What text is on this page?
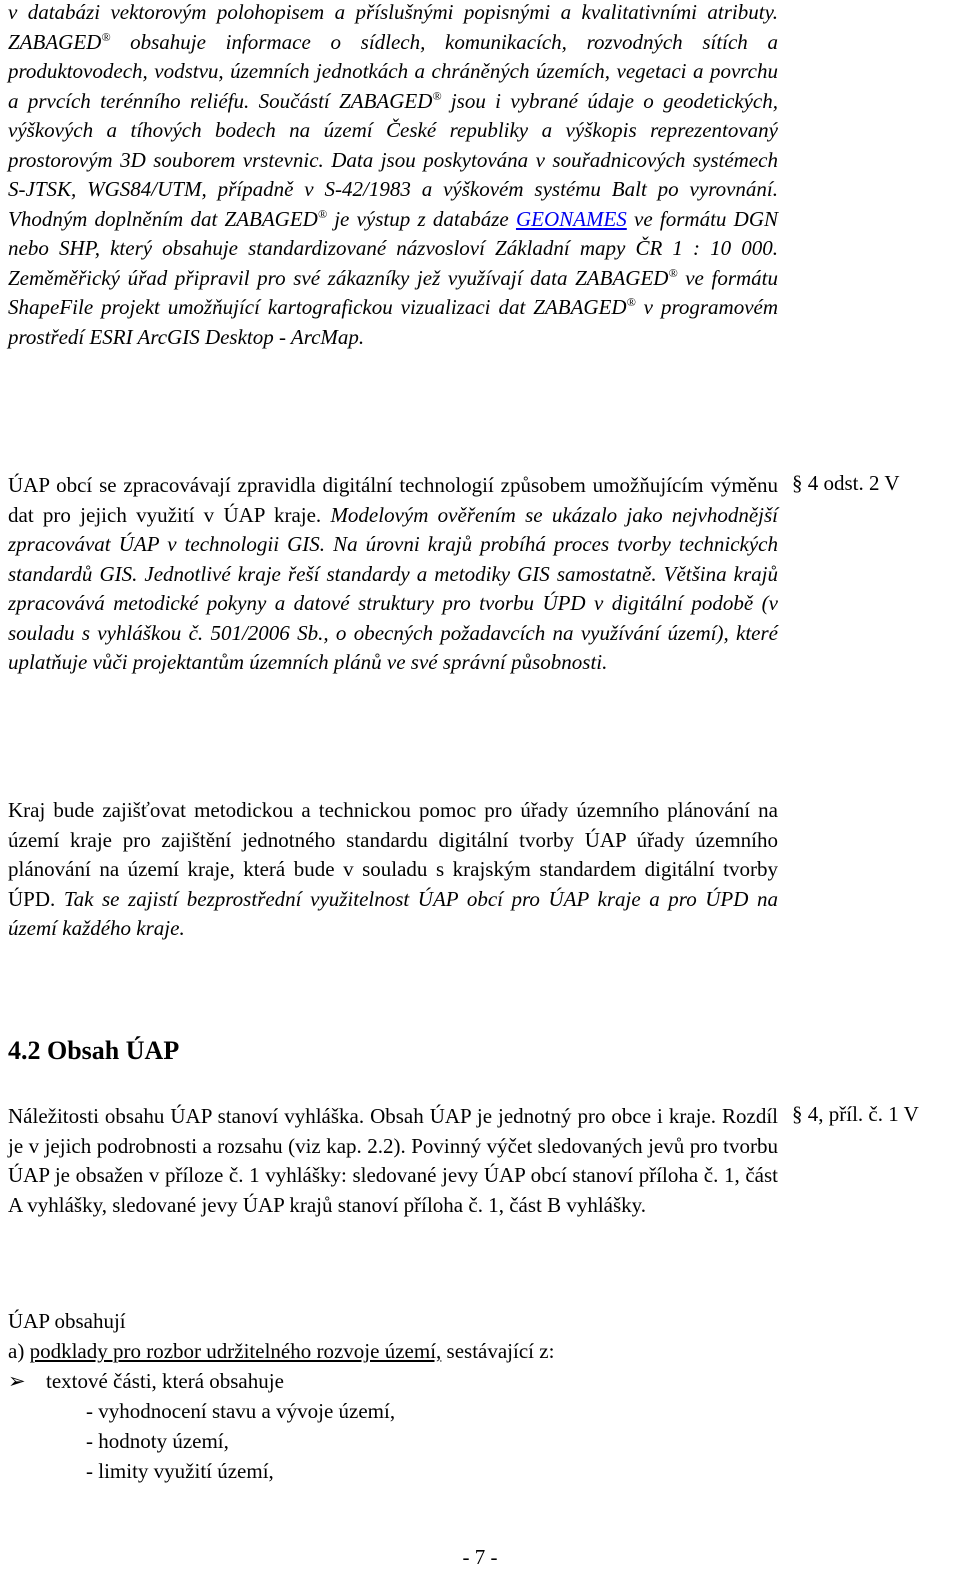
v databázi vektorovým polohopisem a příslušnými popisnými a kvalitativními atributy. ZABAGED® obsahuje informace o sídlech, komunikacích, rozvodných sítích a produktovodech, vodstvu, územních jednotkách a chráněných územích, vegetaci a povrchu a prvcích terénního reliéfu. Součástí ZABAGED® jsou i vybrané údaje o geodetických, výškových a tíhových bodech na území České republiky a výškopis reprezentovaný prostorovým 3D souborem vrstevnic. Data jsou poskytována v souřadnicových systémech S-JTSK, WGS84/UTM, případně v S-42/1983 a výškovém systému Balt po vyrovnání. Vhodným doplněním dat ZABAGED® je výstup z databáze GEONAMES ve formátu DGN nebo SHP, který obsahuje standardizované názvosloví Základní mapy ČR 1 : 10 000. Zeměměřický úřad připravil pro své zákazníky jež využívají data ZABAGED® ve formátu ShapeFile projekt umožňující kartografickou vizualizaci dat ZABAGED® v programovém prostředí ESRI ArcGIS Desktop - ArcMap.
ÚAP obcí se zpracovávají zpravidla digitální technologií způsobem umožňujícím výměnu dat pro jejich využití v ÚAP kraje. Modelovým ověřením se ukázalo jako nejvhodnější zpracovávat ÚAP v technologii GIS. Na úrovni krajů probíhá proces tvorby technických standardů GIS. Jednotlivé kraje řeší standardy a metodiky GIS samostatně. Většina krajů zpracovává metodické pokyny a datové struktury pro tvorbu ÚPD v digitální podobě (v souladu s vyhláškou č. 501/2006 Sb., o obecných požadavcích na využívání území), které uplatňuje vůči projektantům územních plánů ve své správní působnosti.
§ 4 odst. 2 V
Kraj bude zajišťovat metodickou a technickou pomoc pro úřady územního plánování na území kraje pro zajištění jednotného standardu digitální tvorby ÚAP úřady územního plánování na území kraje, která bude v souladu s krajským standardem digitální tvorby ÚPD. Tak se zajistí bezprostřední využitelnost ÚAP obcí pro ÚAP kraje a pro ÚPD na území každého kraje.
4.2 Obsah ÚAP
Náležitosti obsahu ÚAP stanoví vyhláška. Obsah ÚAP je jednotný pro obce i kraje. Rozdíl je v jejich podrobnosti a rozsahu (viz kap. 2.2). Povinný výčet sledovaných jevů pro tvorbu ÚAP je obsažen v příloze č. 1 vyhlášky: sledované jevy ÚAP obcí stanoví příloha č. 1, část A vyhlášky, sledované jevy ÚAP krajů stanoví příloha č. 1, část B vyhlášky.
§ 4, příl. č. 1 V
ÚAP obsahují
a) podklady pro rozbor udržitelného rozvoje území, sestávající z:
➢ textové části, která obsahuje
- vyhodnocení stavu a vývoje území,
- hodnoty území,
- limity využití území,
- 7 -
